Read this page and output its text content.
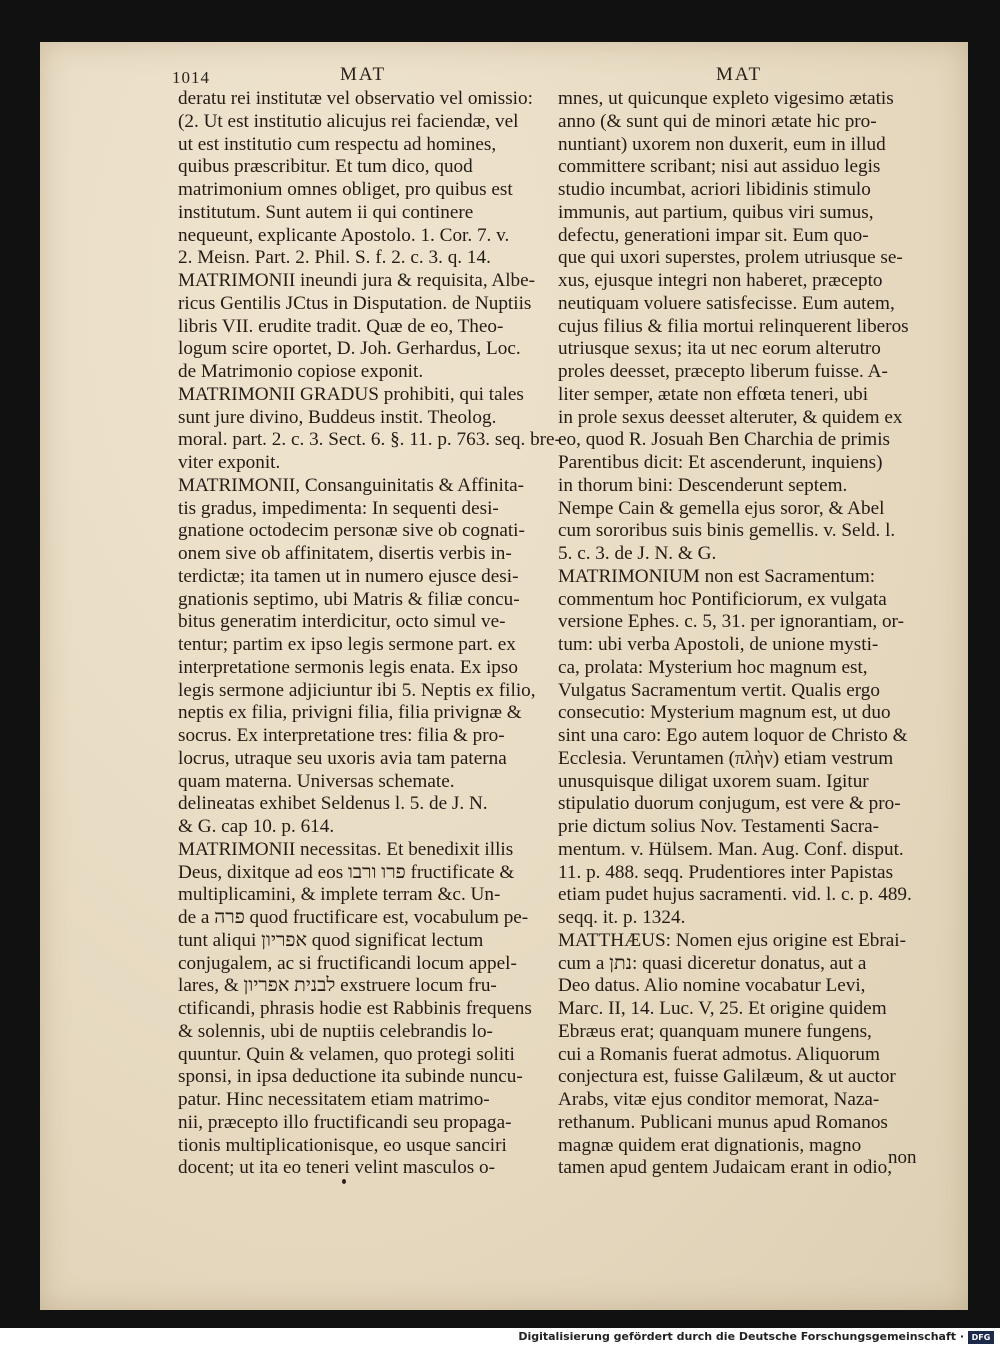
1014	MAT	MAT
deratu rei institutæ vel observatio vel omissio:
(2. Ut est institutio alicujus rei faciendæ, vel
ut est institutio cum respectu ad homines,
quibus præscribitur. Et tum dico, quod
matrimonium omnes obliget, pro quibus est
institutum. Sunt autem ii qui continere
nequeunt, explicante Apostolo. 1. Cor. 7. v.
2. Meisn. Part. 2. Phil. S. f. 2. c. 3. q. 14.
MATRIMONII ineundi jura & requisita, Albe-
ricus Gentilis JCtus in Disputation. de Nuptiis
libris VII. erudite tradit. Quæ de eo, Theo-
logum scire oportet, D. Joh. Gerhardus, Loc.
de Matrimonio copiose exponit.
MATRIMONII GRADUS prohibiti, qui tales
sunt jure divino, Buddeus instit. Theolog.
moral. part. 2. c. 3. Sect. 6. §. 11. p. 763. seq. bre-
viter exponit.
MATRIMONII, Consanguinitatis & Affinita-
tis gradus, impedimenta: In sequenti desi-
gnatione octodecim personæ sive ob cognati-
onem sive ob affinitatem, disertis verbis in-
terdictæ; ita tamen ut in numero ejusce desi-
gnationis septimo, ubi Matris & filiæ concu-
bitus generatim interdicitur, octo simul ve-
tentur; partim ex ipso legis sermone part. ex
interpretatione sermonis legis enata. Ex ipso
legis sermone adjiciuntur ibi 5. Neptis ex filio,
neptis ex filia, privigni filia, filia privignæ &
socrus. Ex interpretatione tres: filia & pro-
locrus, utraque seu uxoris avia tam paterna
quam materna. Universas schemate.
delineatas exhibet Seldenus l. 5. de J. N.
& G. cap 10. p. 614.
MATRIMONII necessitas. Et benedixit illis
Deus, dixitque ad eos פרו ורבו fructificate &
multiplicamini, & implete terram &c. Un-
de a פרה quod fructificare est, vocabulum pe-
tunt aliqui אפריון quod significat lectum
conjugalem, ac si fructificandi locum appel-
lares, & לבנית אפריון exstruere locum fru-
ctificandi, phrasis hodie est Rabbinis frequens
& solennis, ubi de nuptiis celebrandis lo-
quuntur. Quin & velamen, quo protegi soliti
sponsi, in ipsa deductione ita subinde nuncu-
patur. Hinc necessitatem etiam matrimo-
nii, præcepto illo fructificandi seu propaga-
tionis multiplicationisque, eo usque sanciri
docent; ut ita eo teneri velint masculos o-
mnes, ut quicunque expleto vigesimo ætatis
anno (& sunt qui de minori ætate hic pro-
nuntiant) uxorem non duxerit, eum in illud
committere scribant; nisi aut assiduo legis
studio incumbat, acriori libidinis stimulo
immunis, aut partium, quibus viri sumus,
defectu, generationi impar sit. Eum quo-
que qui uxori superstes, prolem utriusque se-
xus, ejusque integri non haberet, præcepto
neutiquam voluere satisfecisse. Eum autem,
cujus filius & filia mortui relinquerent liberos
utriusque sexus; ita ut nec eorum alterutro
proles deesset, præcepto liberum fuisse. A-
liter semper, ætate non effœta teneri, ubi
in prole sexus deesset alteruter, & quidem ex
eo, quod R. Josuah Ben Charchia de primis
Parentibus dicit: Et ascenderunt, inquiens)
in thorum bini: Descenderunt septem.
Nempe Cain & gemella ejus soror, & Abel
cum sororibus suis binis gemellis. v. Seld. l.
5. c. 3. de J. N. & G.
MATRIMONIUM non est Sacramentum:
commentum hoc Pontificiorum, ex vulgata
versione Ephes. c. 5, 31. per ignorantiam, or-
tum: ubi verba Apostoli, de unione mysti-
ca, prolata: Mysterium hoc magnum est,
Vulgatus Sacramentum vertit. Qualis ergo
consecutio: Mysterium magnum est, ut duo
sint una caro: Ego autem loquor de Christo &
Ecclesia. Veruntamen (πλὴν) etiam vestrum
unusquisque diligat uxorem suam. Igitur
stipulatio duorum conjugum, est vere & pro-
prie dictum solius Nov. Testamenti Sacra-
mentum. v. Hülsem. Man. Aug. Conf. disput.
11. p. 488. seqq. Prudentiores inter Papistas
etiam pudet hujus sacramenti. vid. l. c. p. 489.
seqq. it. p. 1324.
MATTHÆUS: Nomen ejus origine est Ebrai-
cum a נתן: quasi diceretur donatus, aut a
Deo datus. Alio nomine vocabatur Levi,
Marc. II, 14. Luc. V, 25. Et origine quidem
Ebræus erat; quanquam munere fungens,
cui a Romanis fuerat admotus. Aliquorum
conjectura est, fuisse Galilæum, & ut auctor
Arabs, vitæ ejus conditor memorat, Naza-
rethanum. Publicani munus apud Romanos
magnæ quidem erat dignationis, magno
tamen apud gentem Judaicam erant in odio,
non
Digitalisierung gefördert durch die Deutsche Forschungsgemeinschaft · DFG
